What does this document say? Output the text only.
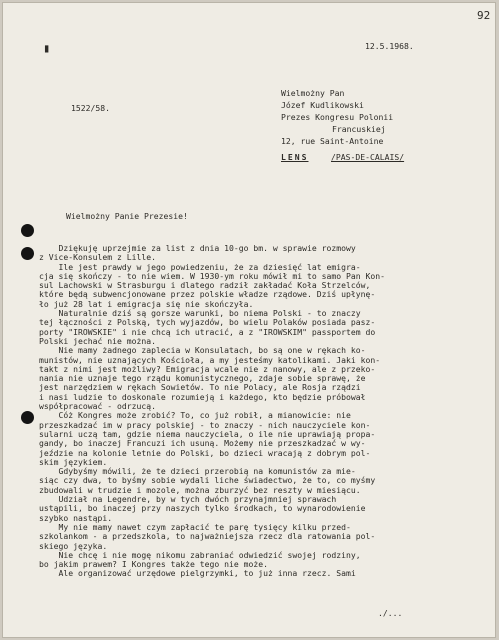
92
▮	12.5.1968.
1522/58.
Wielmożny Pan
Józef Kudlikowski
Prezes Kongresu Polonii
Francuskiej
12, rue Saint-Antoine
LENS	/PAS-DE-CALAIS/
Wielmożny Panie Prezesie!
Dziękuję uprzejmie za list z dnia 10-go bm. w sprawie rozmowy
z Vice-Konsulem z Lille.
Ile jest prawdy w jego powiedzeniu, że za dziesięć lat emigra-
cja się skończy - to nie wiem. W 1930-ym roku mówił mi to samo Pan Kon-
sul Lachowski w Strasburgu i dlatego radził zakładać Koła Strzelców,
które będą subwencjonowane przez polskie władze rządowe. Dziś upłynę-
ło już 28 lat i emigracja się nie skończyła.
Naturalnie dziś są gorsze warunki, bo niema Polski - to znaczy
tej łączności z Polską, tych wyjazdów, bo wielu Polaków posiada pasz-
porty "IROWSKIE" i nie chcą ich utracić, a z "IROWSKIM" passportem do
Polski jechać nie można.
Nie mamy żadnego zaplecia w Konsulatach, bo są one w rękach ko-
munistów, nie uznających Kościoła, a my jesteśmy katolikami. Jaki kon-
takt z nimi jest możliwy? Emigracja wcale nie z nanowy, ale z przeko-
nania nie uznaje tego rządu komunistycznego, zdaje sobie sprawę, że
jest narzędziem w rękach Sowietów. To nie Polacy, ale Rosja rządzi
i nasi ludzie to doskonale rozumieją i każdego, kto będzie próbował
współpracować - odrzucą.
Cóż Kongres może zrobić? To, co już robił, a mianowicie: nie
przeszkadzać im w pracy polskiej - to znaczy - nich nauczyciele kon-
sularni uczą tam, gdzie niema nauczyciela, o ile nie uprawiają propa-
gandy, bo inaczej Francuzi ich usuną. Możemy nie przeszkadzać w wy-
jeździe na kolonie letnie do Polski, bo dzieci wracają z dobrym pol-
skim językiem.
Gdybyśmy mówili, że te dzieci przerobią na komunistów za mie-
siąc czy dwa, to byśmy sobie wydali liche świadectwo, że to, co myśmy
zbudowali w trudzie i mozole, można zburzyć bez reszty w miesiącu.
Udział na Legendre, by w tych dwóch przynajmniej sprawach
ustąpili, bo inaczej przy naszych tylko środkach, to wynarodowienie
szybko nastąpi.
My nie mamy nawet czym zapłacić te parę tysięcy kilku przed-
szkolankom - a przedszkola, to najważniejsza rzecz dla ratowania pol-
skiego języka.
Nie chcę i nie mogę nikomu zabraniać odwiedzić swojej rodziny,
bo jakim prawem? I Kongres także tego nie może.
Ale organizować urzędowe pielgrzymki, to już inna rzecz. Sami
./...
